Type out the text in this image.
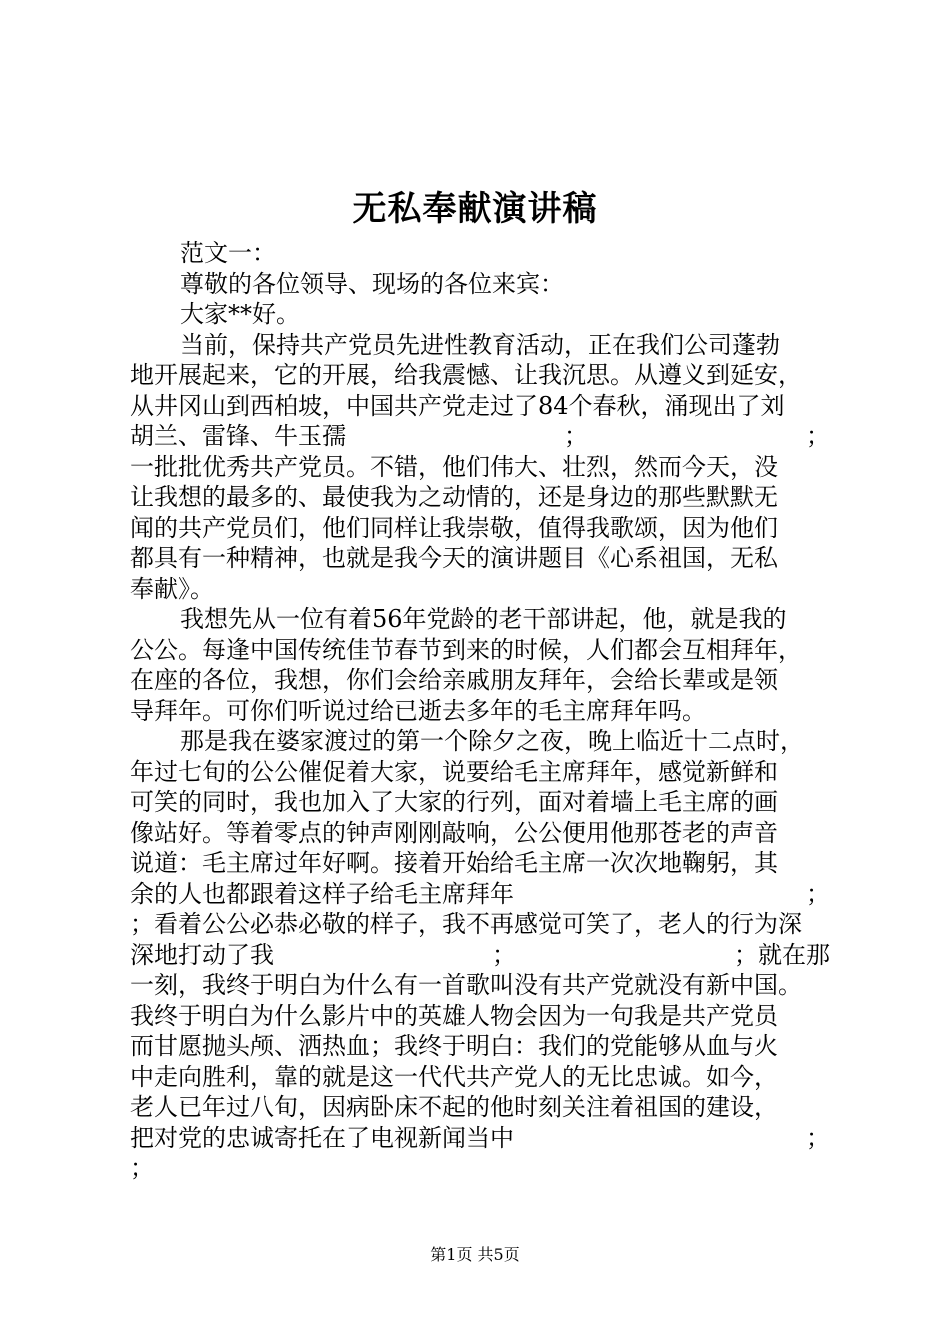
无私奉献演讲稿
范文一：
尊敬的各位领导、现场的各位来宾：
大家**好。
当前，保持共产党员先进性教育活动，正在我们公司蓬勃
地开展起来，它的开展，给我震憾、让我沉思。从遵义到延安，
从井冈山到西柏坡，中国共产党走过了84个春秋，涌现出了刘
胡兰、雷锋、牛玉孺	；	；
一批批优秀共产党员。不错，他们伟大、壮烈，然而今天，没
让我想的最多的、最使我为之动情的，还是身边的那些默默无
闻的共产党员们，他们同样让我崇敬，值得我歌颂，因为他们
都具有一种精神，也就是我今天的演讲题目《心系祖国，无私
奉献》。
我想先从一位有着56年党龄的老干部讲起，他，就是我的
公公。每逢中国传统佳节春节到来的时候，人们都会互相拜年，
在座的各位，我想，你们会给亲戚朋友拜年，会给长辈或是领
导拜年。可你们听说过给已逝去多年的毛主席拜年吗。
那是我在婆家渡过的第一个除夕之夜，晚上临近十二点时，
年过七旬的公公催促着大家，说要给毛主席拜年，感觉新鲜和
可笑的同时，我也加入了大家的行列，面对着墙上毛主席的画
像站好。等着零点的钟声刚刚敲响，公公便用他那苍老的声音
说道：毛主席过年好啊。接着开始给毛主席一次次地鞠躬，其
余的人也都跟着这样子给毛主席拜年	；
；看着公公必恭必敬的样子，我不再感觉可笑了，老人的行为深
深地打动了我	；	；就在那
一刻，我终于明白为什么有一首歌叫没有共产党就没有新中国。
我终于明白为什么影片中的英雄人物会因为一句我是共产党员
而甘愿抛头颅、洒热血；我终于明白：我们的党能够从血与火
中走向胜利，靠的就是这一代代共产党人的无比忠诚。如今，
老人已年过八旬，因病卧床不起的他时刻关注着祖国的建设，
把对党的忠诚寄托在了电视新闻当中	；
；
第1页 共5页
